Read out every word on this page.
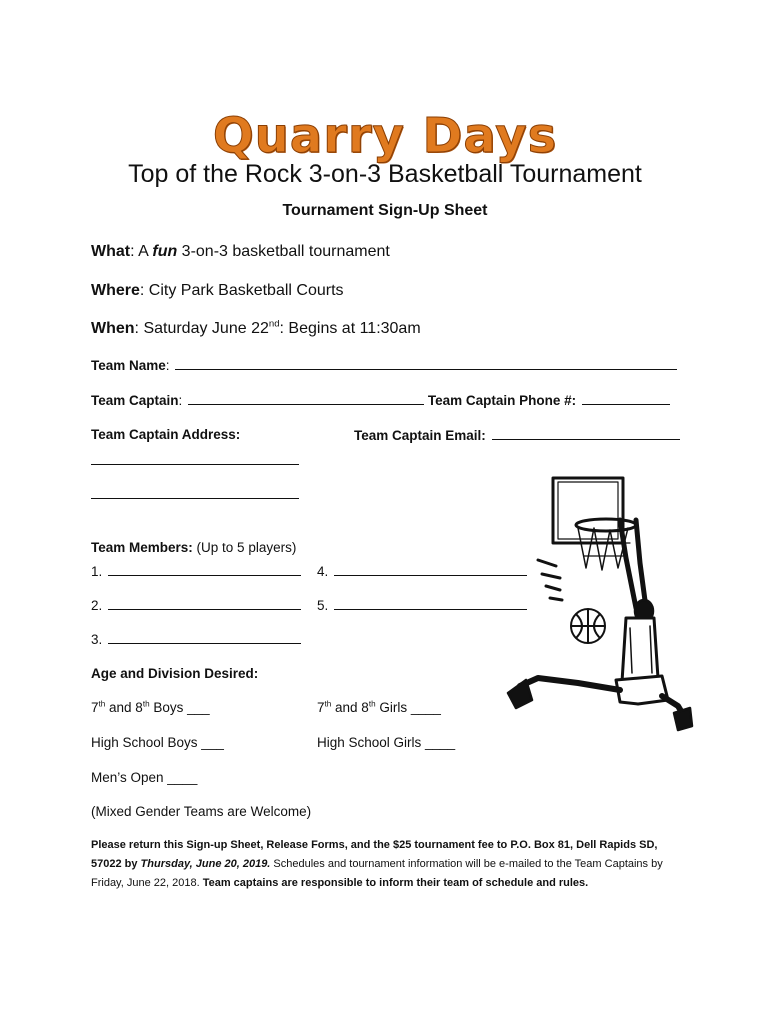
Quarry Days
Top of the Rock 3-on-3 Basketball Tournament
Tournament Sign-Up Sheet
What: A fun 3-on-3 basketball tournament
Where: City Park Basketball Courts
When: Saturday June 22nd: Begins at 11:30am
Team Name:
Team Captain:	Team Captain Phone #:
Team Captain Address:	Team Captain Email:
Team Members: (Up to 5 players)
1.	4.
2.	5.
3.
Age and Division Desired:
7th and 8th Boys ___	7th and 8th Girls ____
High School Boys ___	High School Girls ____
Men’s Open ____
(Mixed Gender Teams are Welcome)
Please return this Sign-up Sheet, Release Forms, and the $25 tournament fee to P.O. Box 81, Dell Rapids SD, 57022 by Thursday, June 20, 2019. Schedules and tournament information will be e-mailed to the Team Captains by Friday, June 22, 2018. Team captains are responsible to inform their team of schedule and rules.
